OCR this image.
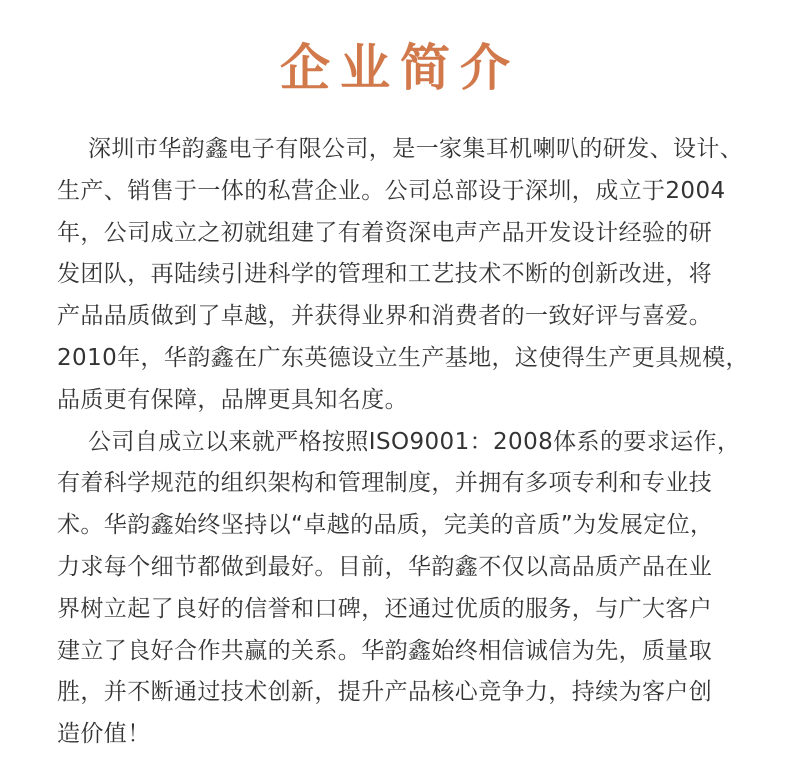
企业简介
深圳市华韵鑫电子有限公司，是一家集耳机喇叭的研发、设计、
生产、销售于一体的私营企业。公司总部设于深圳，成立于2004
年，公司成立之初就组建了有着资深电声产品开发设计经验的研
发团队，再陆续引进科学的管理和工艺技术不断的创新改进，将
产品品质做到了卓越，并获得业界和消费者的一致好评与喜爱。
2010年，华韵鑫在广东英德设立生产基地，这使得生产更具规模，
品质更有保障，品牌更具知名度。
公司自成立以来就严格按照ISO9001：2008体系的要求运作，
有着科学规范的组织架构和管理制度，并拥有多项专利和专业技
术。华韵鑫始终坚持以“卓越的品质，完美的音质”为发展定位，
力求每个细节都做到最好。目前，华韵鑫不仅以高品质产品在业
界树立起了良好的信誉和口碑，还通过优质的服务，与广大客户
建立了良好合作共赢的关系。华韵鑫始终相信诚信为先，质量取
胜，并不断通过技术创新，提升产品核心竞争力，持续为客户创
造价值！
